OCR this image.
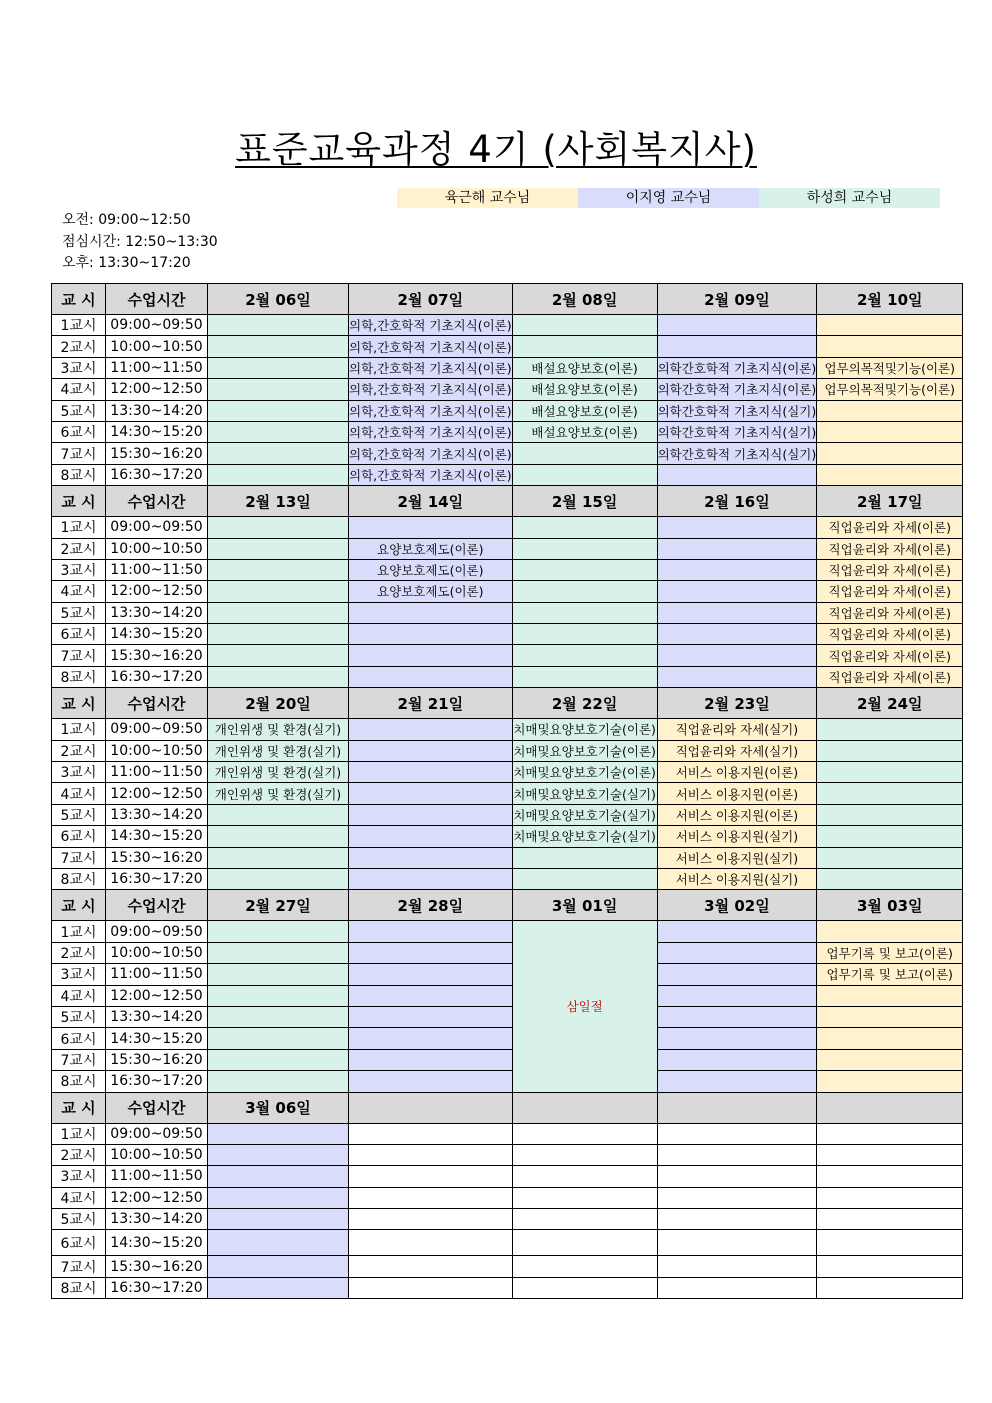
표준교육과정 4기 (사회복지사)
육근해 교수님	이지영 교수님	하성희 교수님
오전: 09:00~12:50
점심시간: 12:50~13:30
오후: 13:30~17:20
교 시	수업시간	2월 06일	2월 07일	2월 08일	2월 09일	2월 10일
1교시	09:00~09:50		의학,간호학적 기초지식(이론)			
2교시	10:00~10:50		의학,간호학적 기초지식(이론)			
3교시	11:00~11:50		의학,간호학적 기초지식(이론)	배설요양보호(이론)	의학간호학적 기초지식(이론)	업무의목적및기능(이론)
4교시	12:00~12:50		의학,간호학적 기초지식(이론)	배설요양보호(이론)	의학간호학적 기초지식(이론)	업무의목적및기능(이론)
5교시	13:30~14:20		의학,간호학적 기초지식(이론)	배설요양보호(이론)	의학간호학적 기초지식(실기)	
6교시	14:30~15:20		의학,간호학적 기초지식(이론)	배설요양보호(이론)	의학간호학적 기초지식(실기)	
7교시	15:30~16:20		의학,간호학적 기초지식(이론)		의학간호학적 기초지식(실기)	
8교시	16:30~17:20		의학,간호학적 기초지식(이론)			
교 시	수업시간	2월 13일	2월 14일	2월 15일	2월 16일	2월 17일
1교시	09:00~09:50					직업윤리와 자세(이론)
2교시	10:00~10:50		요양보호제도(이론)			직업윤리와 자세(이론)
3교시	11:00~11:50		요양보호제도(이론)			직업윤리와 자세(이론)
4교시	12:00~12:50		요양보호제도(이론)			직업윤리와 자세(이론)
5교시	13:30~14:20					직업윤리와 자세(이론)
6교시	14:30~15:20					직업윤리와 자세(이론)
7교시	15:30~16:20					직업윤리와 자세(이론)
8교시	16:30~17:20					직업윤리와 자세(이론)
교 시	수업시간	2월 20일	2월 21일	2월 22일	2월 23일	2월 24일
1교시	09:00~09:50	개인위생 및 환경(실기)		치매및요양보호기술(이론)	직업윤리와 자세(실기)	
2교시	10:00~10:50	개인위생 및 환경(실기)		치매및요양보호기술(이론)	직업윤리와 자세(실기)	
3교시	11:00~11:50	개인위생 및 환경(실기)		치매및요양보호기술(이론)	서비스 이용지원(이론)	
4교시	12:00~12:50	개인위생 및 환경(실기)		치매및요양보호기술(실기)	서비스 이용지원(이론)	
5교시	13:30~14:20			치매및요양보호기술(실기)	서비스 이용지원(이론)	
6교시	14:30~15:20			치매및요양보호기술(실기)	서비스 이용지원(실기)	
7교시	15:30~16:20				서비스 이용지원(실기)	
8교시	16:30~17:20				서비스 이용지원(실기)	
교 시	수업시간	2월 27일	2월 28일	3월 01일	3월 02일	3월 03일
1교시	09:00~09:50			삼일절		
2교시	10:00~10:50					업무기록 및 보고(이론)
3교시	11:00~11:50					업무기록 및 보고(이론)
4교시	12:00~12:50					
5교시	13:30~14:20					
6교시	14:30~15:20					
7교시	15:30~16:20					
8교시	16:30~17:20					
교 시	수업시간	3월 06일				
1교시	09:00~09:50					
2교시	10:00~10:50					
3교시	11:00~11:50					
4교시	12:00~12:50					
5교시	13:30~14:20					
6교시	14:30~15:20					
7교시	15:30~16:20					
8교시	16:30~17:20					
